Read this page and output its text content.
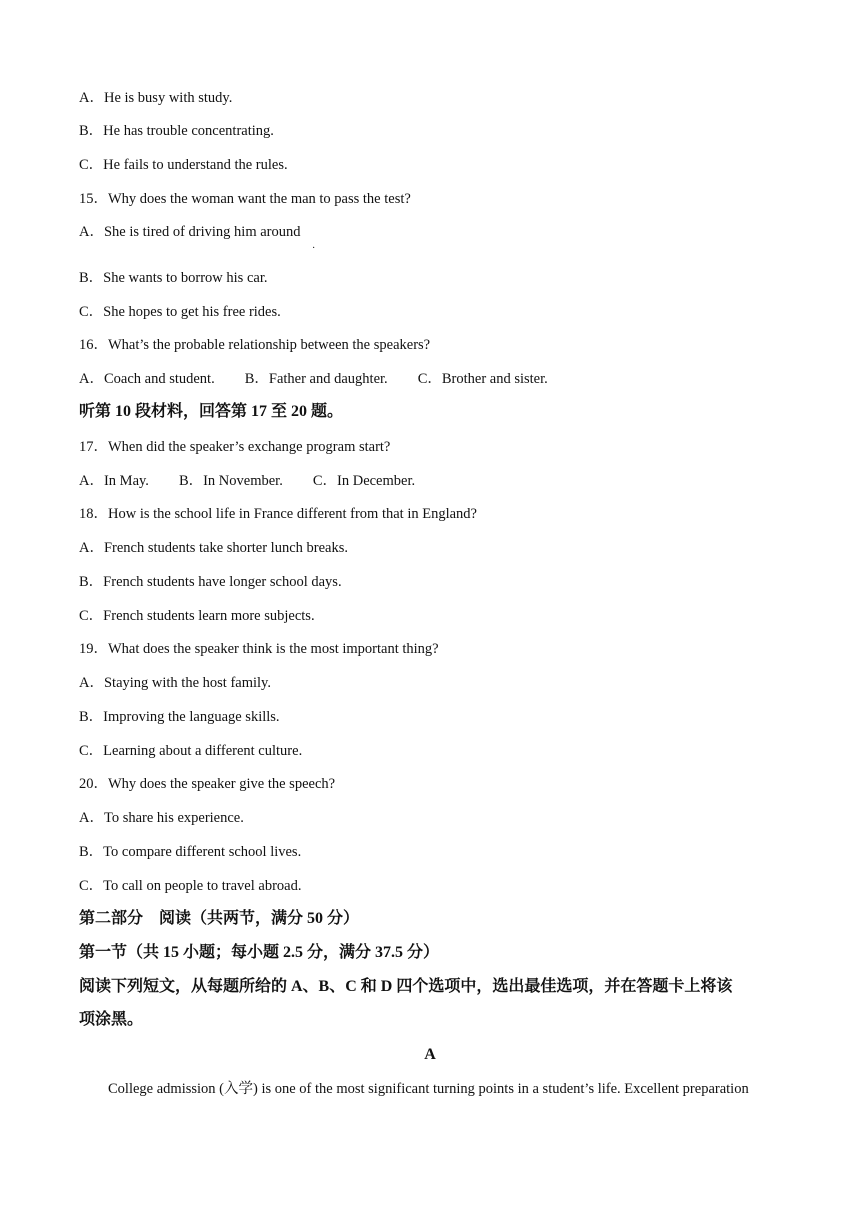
A．He is busy with study.
B．He has trouble concentrating.
C．He fails to understand the rules.
15．Why does the woman want the man to pass the test?
A．She is tired of driving him around
·
B．She wants to borrow his car.
C．She hopes to get his free rides.
16．What’s the probable relationship between the speakers?
A．Coach and student. B．Father and daughter. C．Brother and sister.
听第 10 段材料，回答第 17 至 20 题。
17．When did the speaker’s exchange program start?
A．In May. B．In November. C．In December.
18．How is the school life in France different from that in England?
A．French students take shorter lunch breaks.
B．French students have longer school days.
C．French students learn more subjects.
19．What does the speaker think is the most important thing?
A．Staying with the host family.
B．Improving the language skills.
C．Learning about a different culture.
20．Why does the speaker give the speech?
A．To share his experience.
B．To compare different school lives.
C．To call on people to travel abroad.
第二部分　阅读（共两节，满分 50 分）
第一节（共 15 小题；每小题 2.5 分，满分 37.5 分）
阅读下列短文，从每题所给的 A、B、C 和 D 四个选项中，选出最佳选项，并在答题卡上将该
项涂黑。
A
College admission (入学) is one of the most significant turning points in a student’s life. Excellent preparation
